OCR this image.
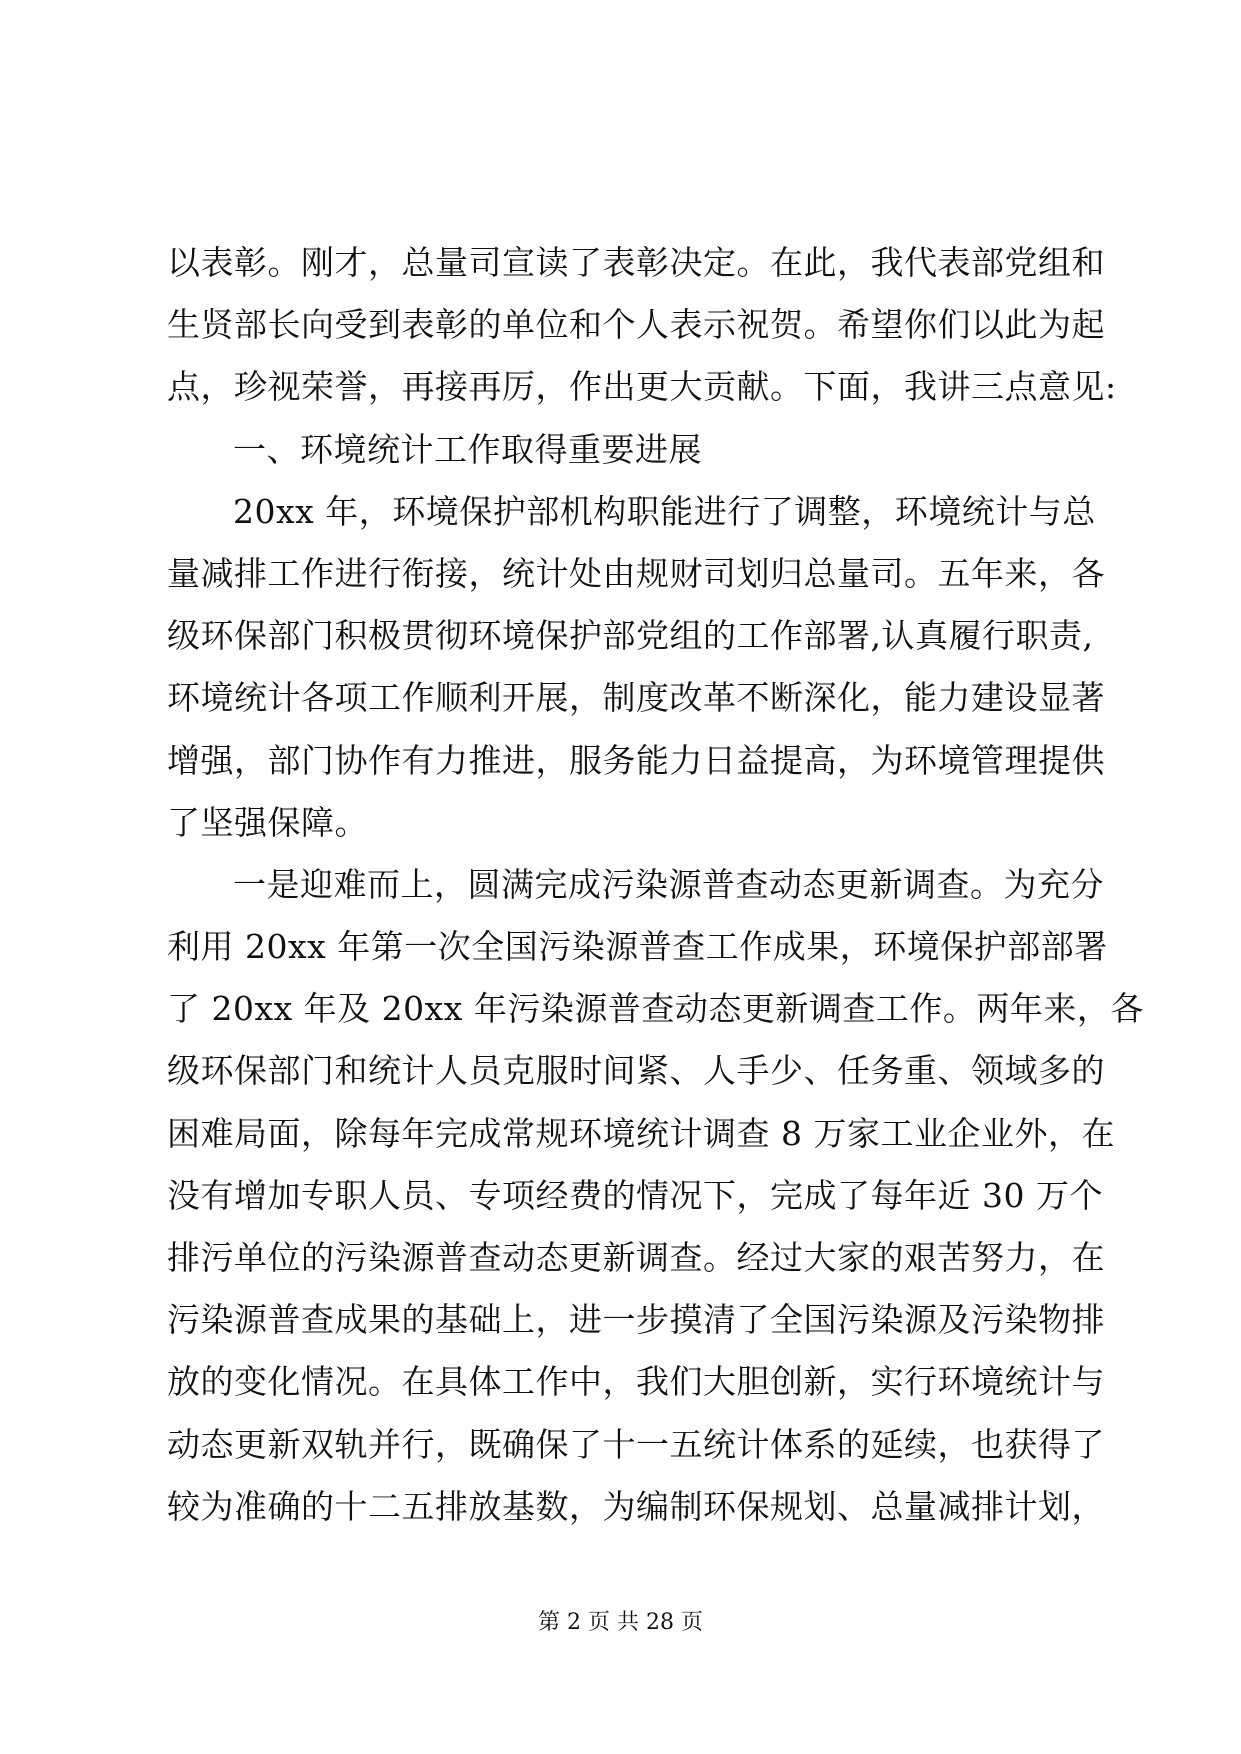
以表彰。刚才，总量司宣读了表彰决定。在此，我代表部党组和
生贤部长向受到表彰的单位和个人表示祝贺。希望你们以此为起
点，珍视荣誉，再接再厉，作出更大贡献。下面，我讲三点意见:
一、环境统计工作取得重要进展
20xx 年，环境保护部机构职能进行了调整，环境统计与总
量减排工作进行衔接，统计处由规财司划归总量司。五年来，各
级环保部门积极贯彻环境保护部党组的工作部署,认真履行职责,
环境统计各项工作顺利开展，制度改革不断深化，能力建设显著
增强，部门协作有力推进，服务能力日益提高，为环境管理提供
了坚强保障。
一是迎难而上，圆满完成污染源普查动态更新调查。为充分
利用 20xx 年第一次全国污染源普查工作成果，环境保护部部署
了 20xx 年及 20xx 年污染源普查动态更新调查工作。两年来，各
级环保部门和统计人员克服时间紧、人手少、任务重、领域多的
困难局面，除每年完成常规环境统计调查 8 万家工业企业外，在
没有增加专职人员、专项经费的情况下，完成了每年近 30 万个
排污单位的污染源普查动态更新调查。经过大家的艰苦努力，在
污染源普查成果的基础上，进一步摸清了全国污染源及污染物排
放的变化情况。在具体工作中，我们大胆创新，实行环境统计与
动态更新双轨并行，既确保了十一五统计体系的延续，也获得了
较为准确的十二五排放基数，为编制环保规划、总量减排计划，
第 2 页 共 28 页
